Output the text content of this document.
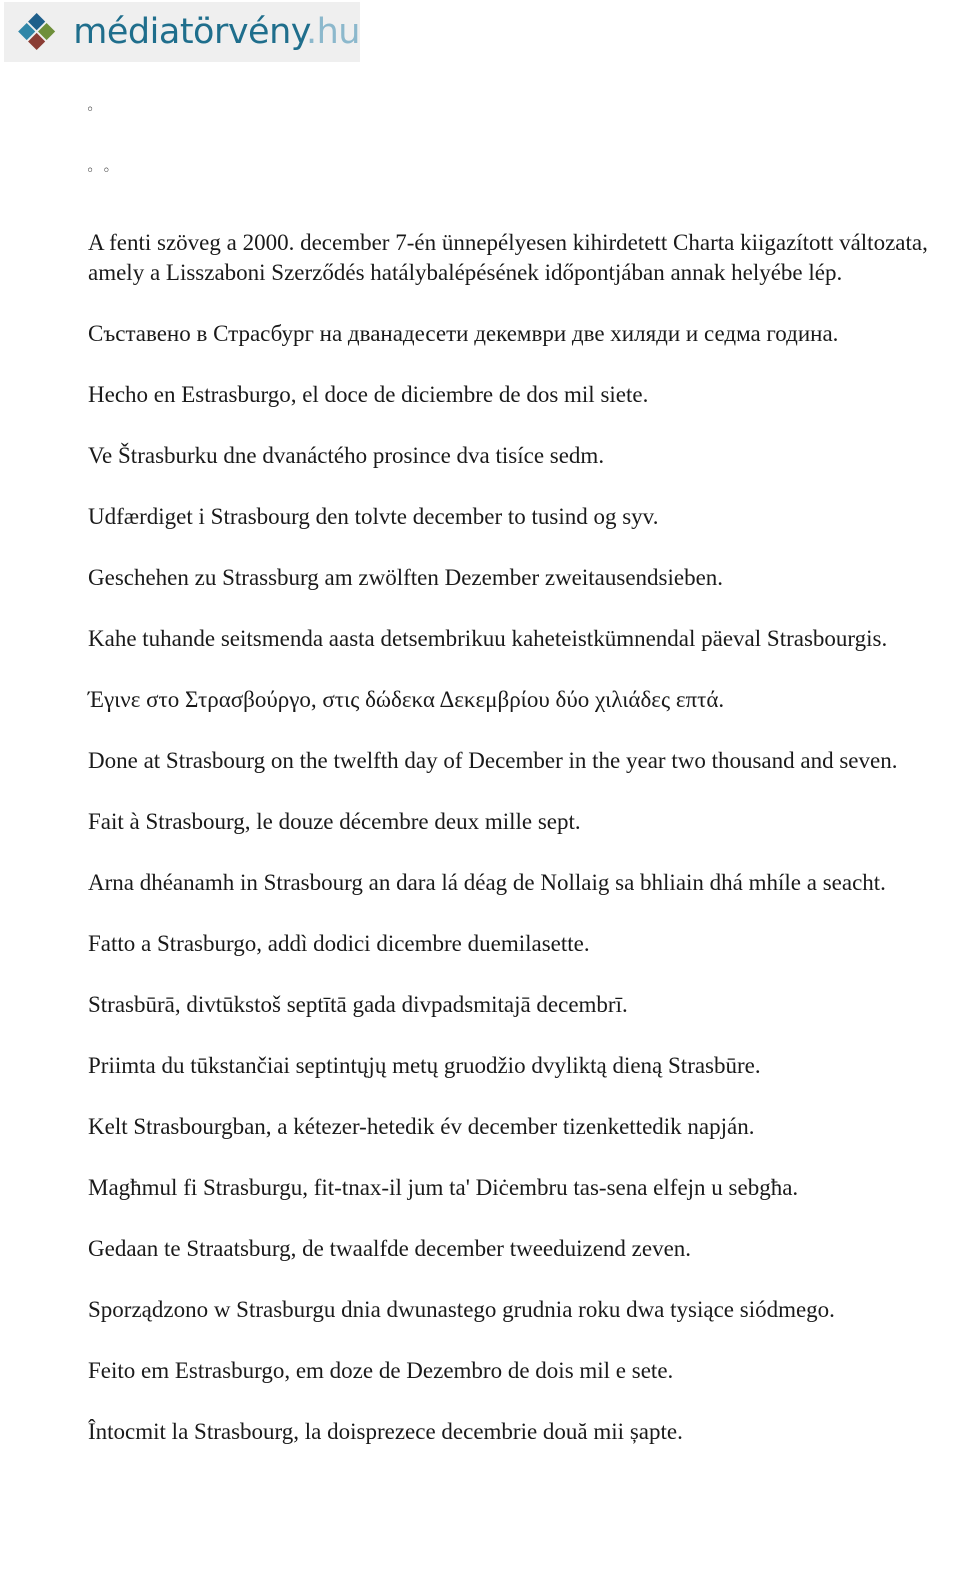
médiatörvény.hu
◦
◦ ◦

A fenti szöveg a 2000. december 7-én ünnepélyesen kihirdetett Charta kiigazított változata, amely a Lisszaboni Szerződés hatálybalépésének időpontjában annak helyébe lép.

Съставено в Страсбург на дванадесети декември две хиляди и седма година.

Hecho en Estrasburgo, el doce de diciembre de dos mil siete.

Ve Štrasburku dne dvanáctého prosince dva tisíce sedm.

Udfærdiget i Strasbourg den tolvte december to tusind og syv.

Geschehen zu Strassburg am zwölften Dezember zweitausendsieben.

Kahe tuhande seitsmenda aasta detsembrikuu kaheteistkümnendal päeval Strasbourgis.

Έγινε στο Στρασβούργο, στις δώδεκα Δεκεμβρίου δύο χιλιάδες επτά.

Done at Strasbourg on the twelfth day of December in the year two thousand and seven.

Fait à Strasbourg, le douze décembre deux mille sept.

Arna dhéanamh in Strasbourg an dara lá déag de Nollaig sa bhliain dhá mhíle a seacht.

Fatto a Strasburgo, addì dodici dicembre duemilasette.

Strasbūrā, divtūkstoš septītā gada divpadsmitajā decembrī.

Priimta du tūkstančiai septintųjų metų gruodžio dvyliktą dieną Strasbūre.

Kelt Strasbourgban, a kétezer-hetedik év december tizenkettedik napján.

Magħmul fi Strasburgu, fit-tnax-il jum ta' Diċembru tas-sena elfejn u sebgħa.

Gedaan te Straatsburg, de twaalfde december tweeduizend zeven.

Sporządzono w Strasburgu dnia dwunastego grudnia roku dwa tysiące siódmego.

Feito em Estrasburgo, em doze de Dezembro de dois mil e sete.

Întocmit la Strasbourg, la doisprezece decembrie două mii șapte.
